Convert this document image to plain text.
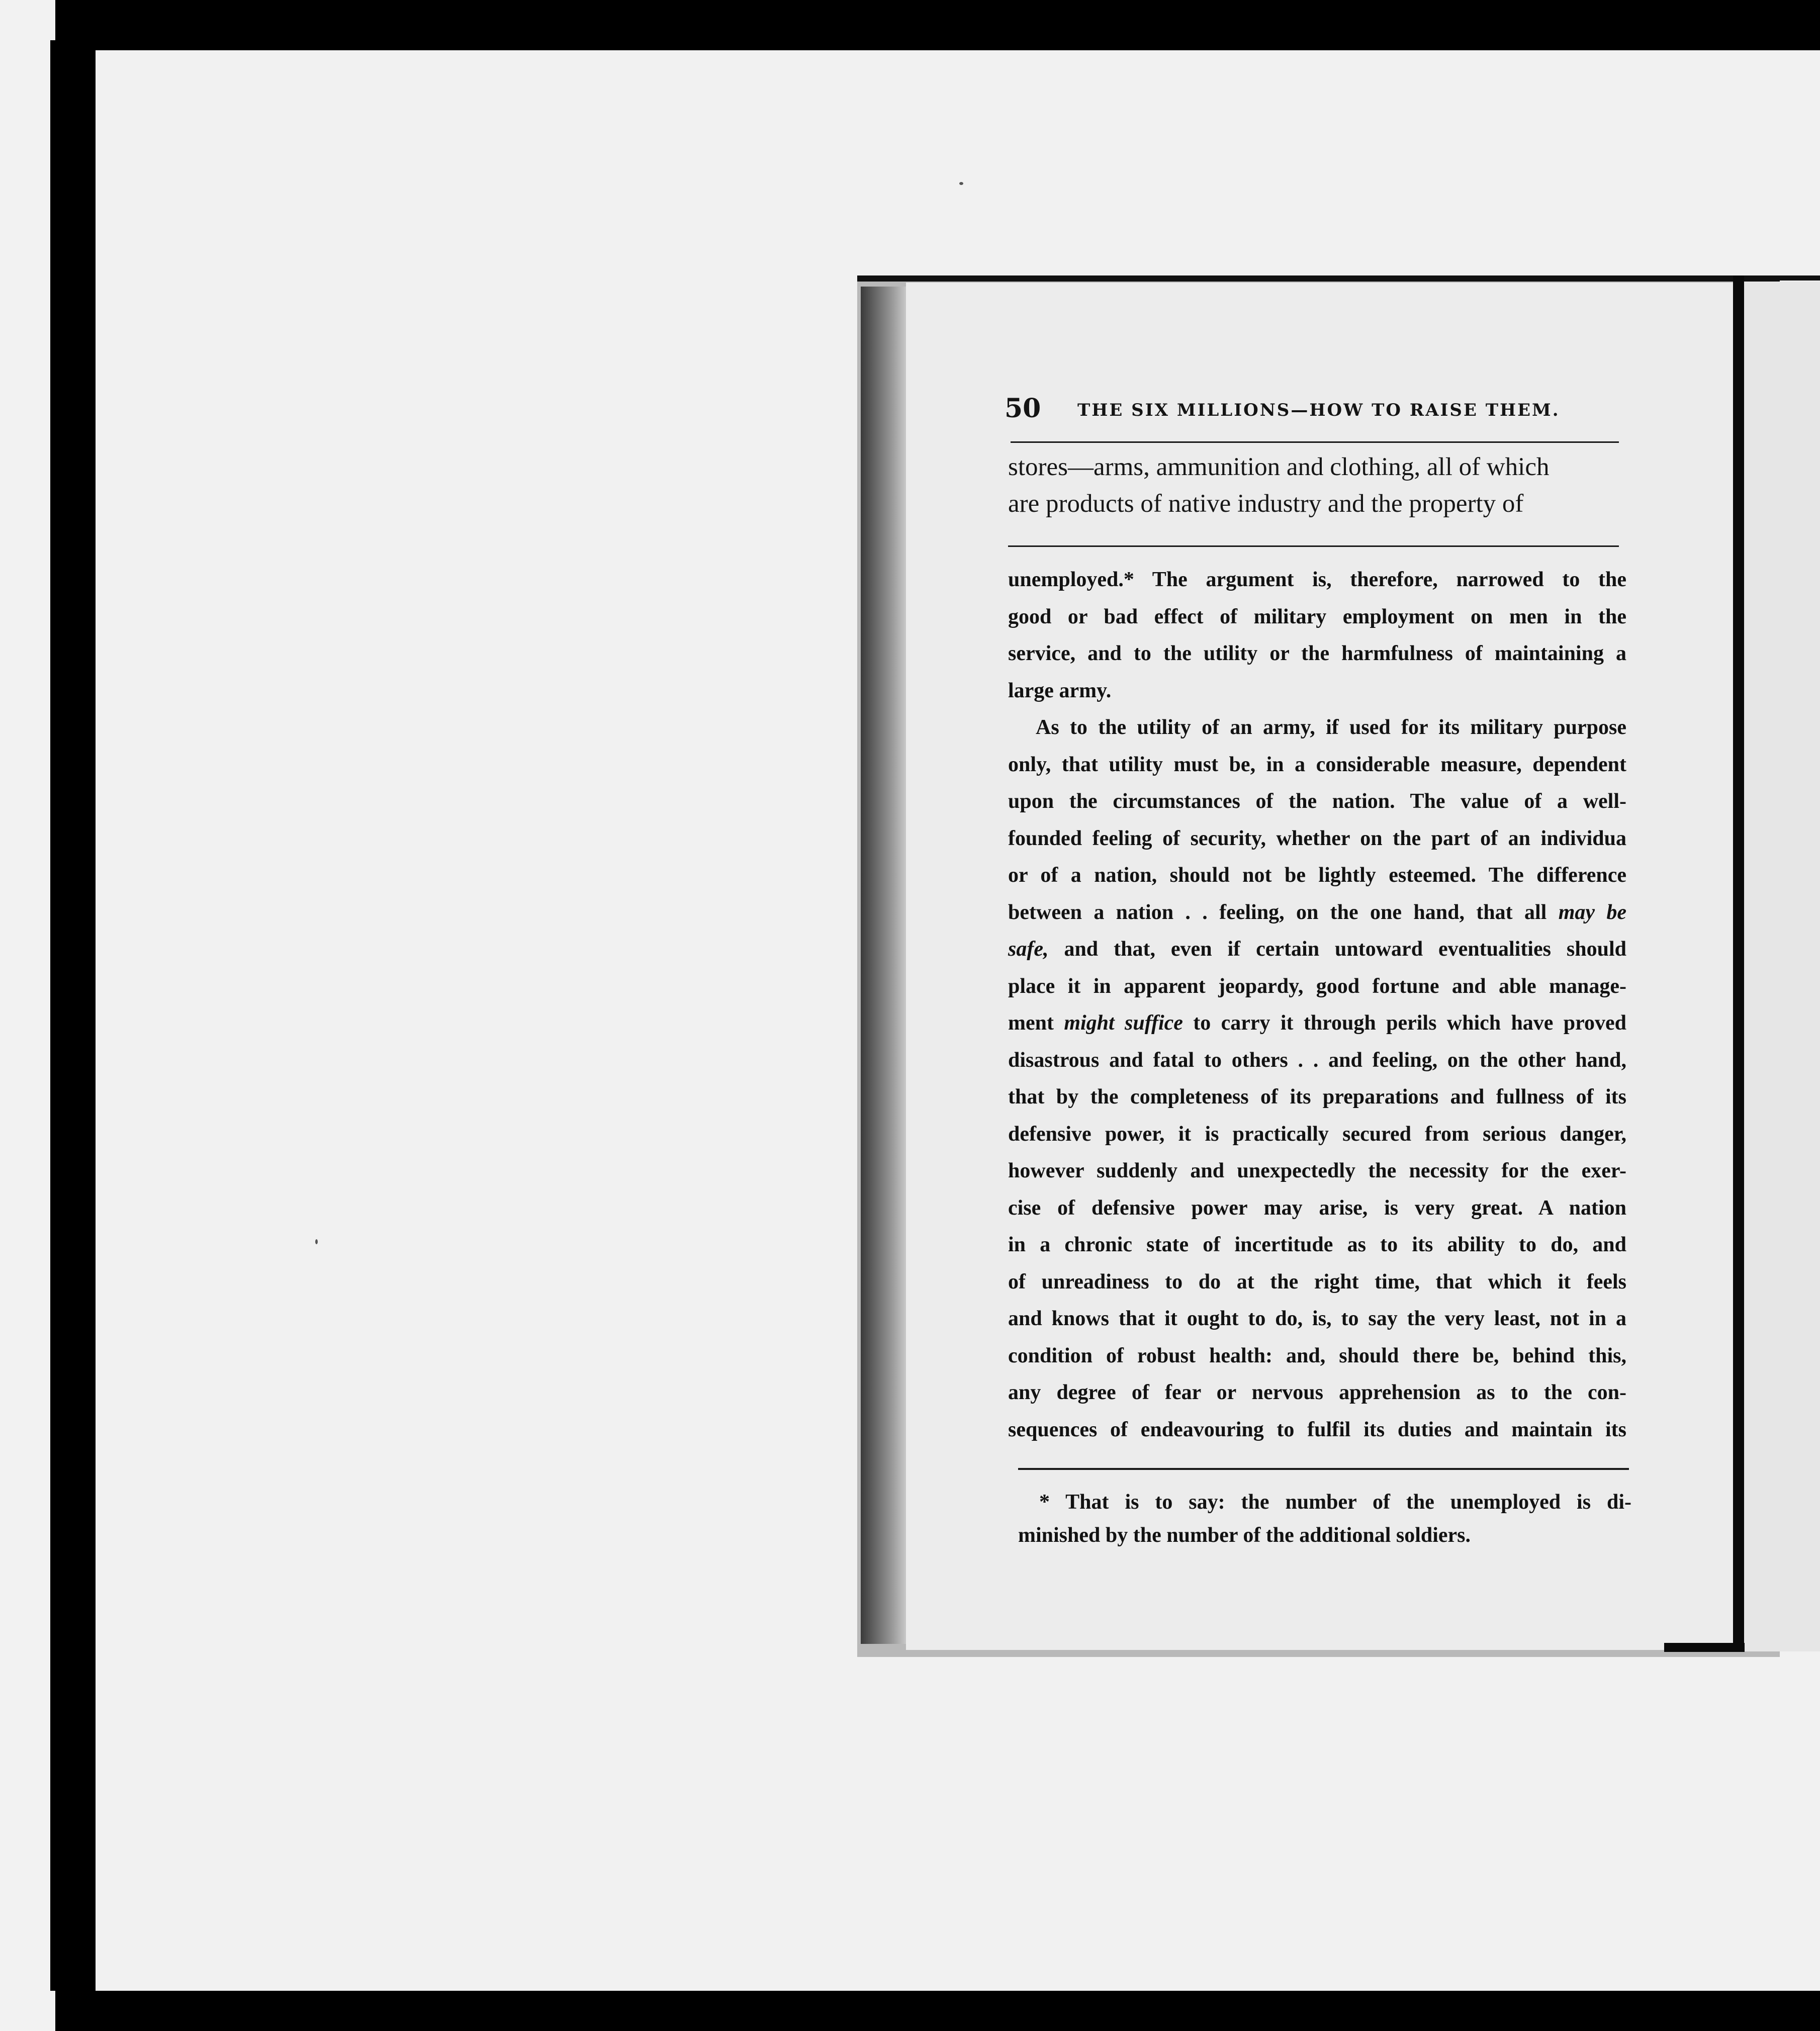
50 THE SIX MILLIONS—HOW TO RAISE THEM.
stores—arms, ammunition and clothing, all of which
are products of native industry and the property of
unemployed.* The argument is, therefore, narrowed to the
good or bad effect of military employment on men in the
service, and to the utility or the harmfulness of maintaining a
large army.
As to the utility of an army, if used for its military purpose
only, that utility must be, in a considerable measure, dependent
upon the circumstances of the nation. The value of a well-
founded feeling of security, whether on the part of an individua
or of a nation, should not be lightly esteemed. The difference
between a nation . . feeling, on the one hand, that all may be
safe, and that, even if certain untoward eventualities should
place it in apparent jeopardy, good fortune and able manage-
ment might suffice to carry it through perils which have proved
disastrous and fatal to others . . and feeling, on the other hand,
that by the completeness of its preparations and fullness of its
defensive power, it is practically secured from serious danger,
however suddenly and unexpectedly the necessity for the exer-
cise of defensive power may arise, is very great. A nation
in a chronic state of incertitude as to its ability to do, and
of unreadiness to do at the right time, that which it feels
and knows that it ought to do, is, to say the very least, not in a
condition of robust health: and, should there be, behind this,
any degree of fear or nervous apprehension as to the con-
sequences of endeavouring to fulfil its duties and maintain its
* That is to say: the number of the unemployed is di-
minished by the number of the additional soldiers.
